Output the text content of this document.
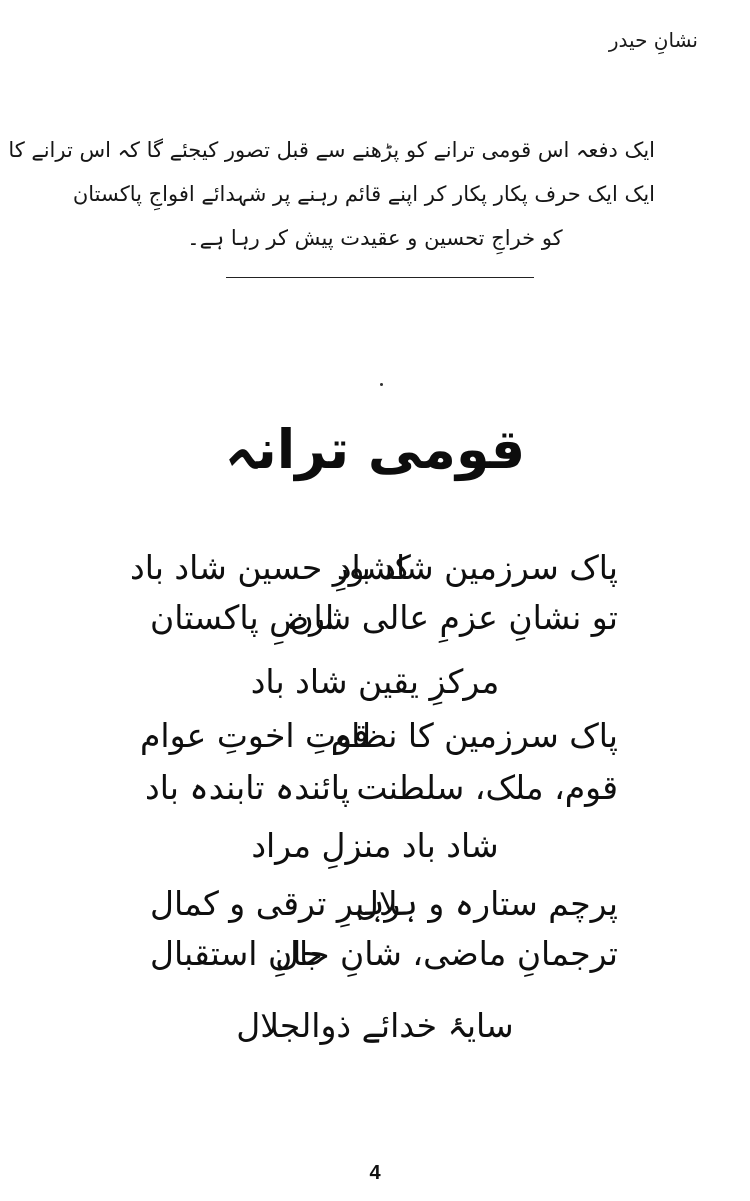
نشانِ حیدر
ایک دفعہ اس قومی ترانے کو پڑھنے سے قبل تصور کیجئے گا کہ اس ترانے کا
ایک ایک حرف پکار پکار کر اپنے قائم رہنے پر شہدائے افواجِ پاکستان
کو خراجِ تحسین و عقیدت پیش کر رہا ہے۔
قومی ترانہ
پاک سرزمین شاد باد
کشورِ حسین شاد باد
تو نشانِ عزمِ عالی شان
ارضِ پاکستان
مرکزِ یقین شاد باد
پاک سرزمین کا نظام
قوتِ اخوتِ عوام
قوم، ملک، سلطنت
پائندہ تابندہ باد
شاد باد منزلِ مراد
پرچم ستارہ و ہلال
رہبرِ ترقی و کمال
ترجمانِ ماضی، شانِ حال
جانِ استقبال
سایۂ خدائے ذوالجلال
4
